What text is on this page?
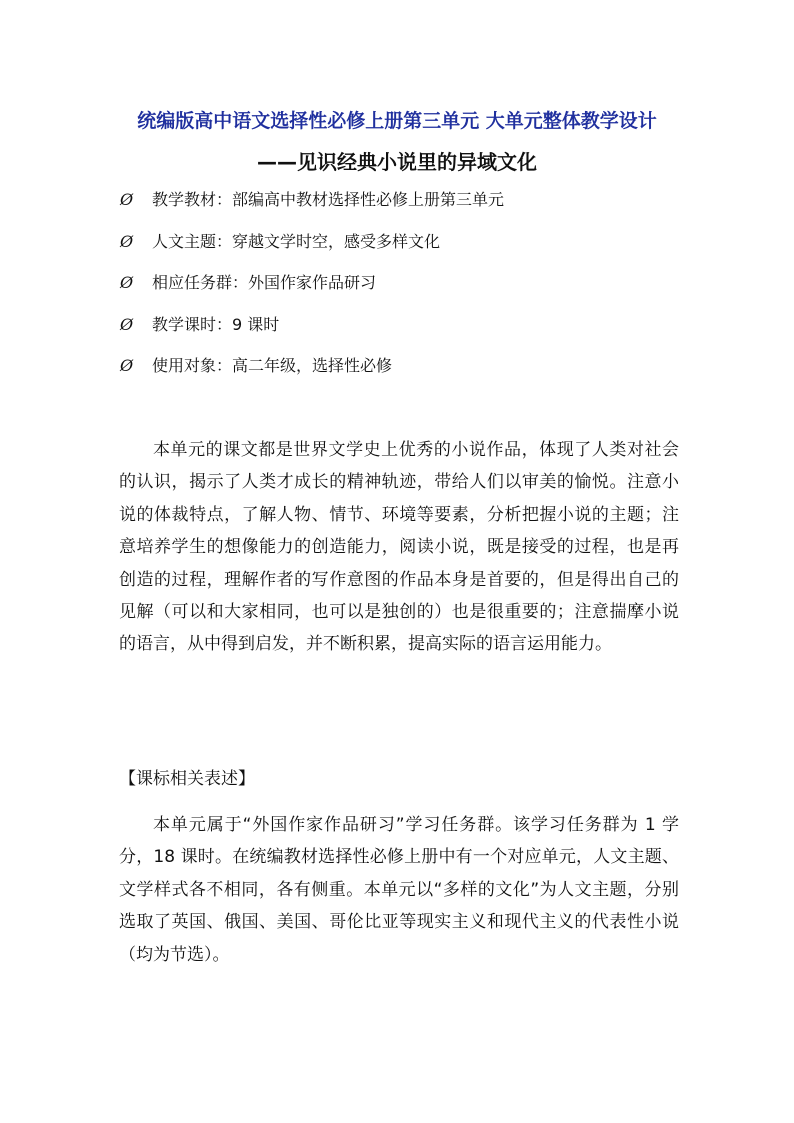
统编版高中语文选择性必修上册第三单元 大单元整体教学设计
——见识经典小说里的异域文化
Ø 教学教材：部编高中教材选择性必修上册第三单元
Ø 人文主题：穿越文学时空，感受多样文化
Ø 相应任务群：外国作家作品研习
Ø 教学课时：9 课时
Ø 使用对象：高二年级，选择性必修

本单元的课文都是世界文学史上优秀的小说作品，体现了人类对社会的认识，揭示了人类才成长的精神轨迹，带给人们以审美的愉悦。注意小说的体裁特点，了解人物、情节、环境等要素，分析把握小说的主题；注意培养学生的想像能力的创造能力，阅读小说，既是接受的过程，也是再创造的过程，理解作者的写作意图的作品本身是首要的，但是得出自己的见解（可以和大家相同，也可以是独创的）也是很重要的；注意揣摩小说的语言，从中得到启发，并不断积累，提高实际的语言运用能力。

【课标相关表述】

本单元属于“外国作家作品研习”学习任务群。该学习任务群为 1 学分，18 课时。在统编教材选择性必修上册中有一个对应单元，人文主题、文学样式各不相同，各有侧重。本单元以“多样的文化”为人文主题，分别选取了英国、俄国、美国、哥伦比亚等现实主义和现代主义的代表性小说（均为节选）。
